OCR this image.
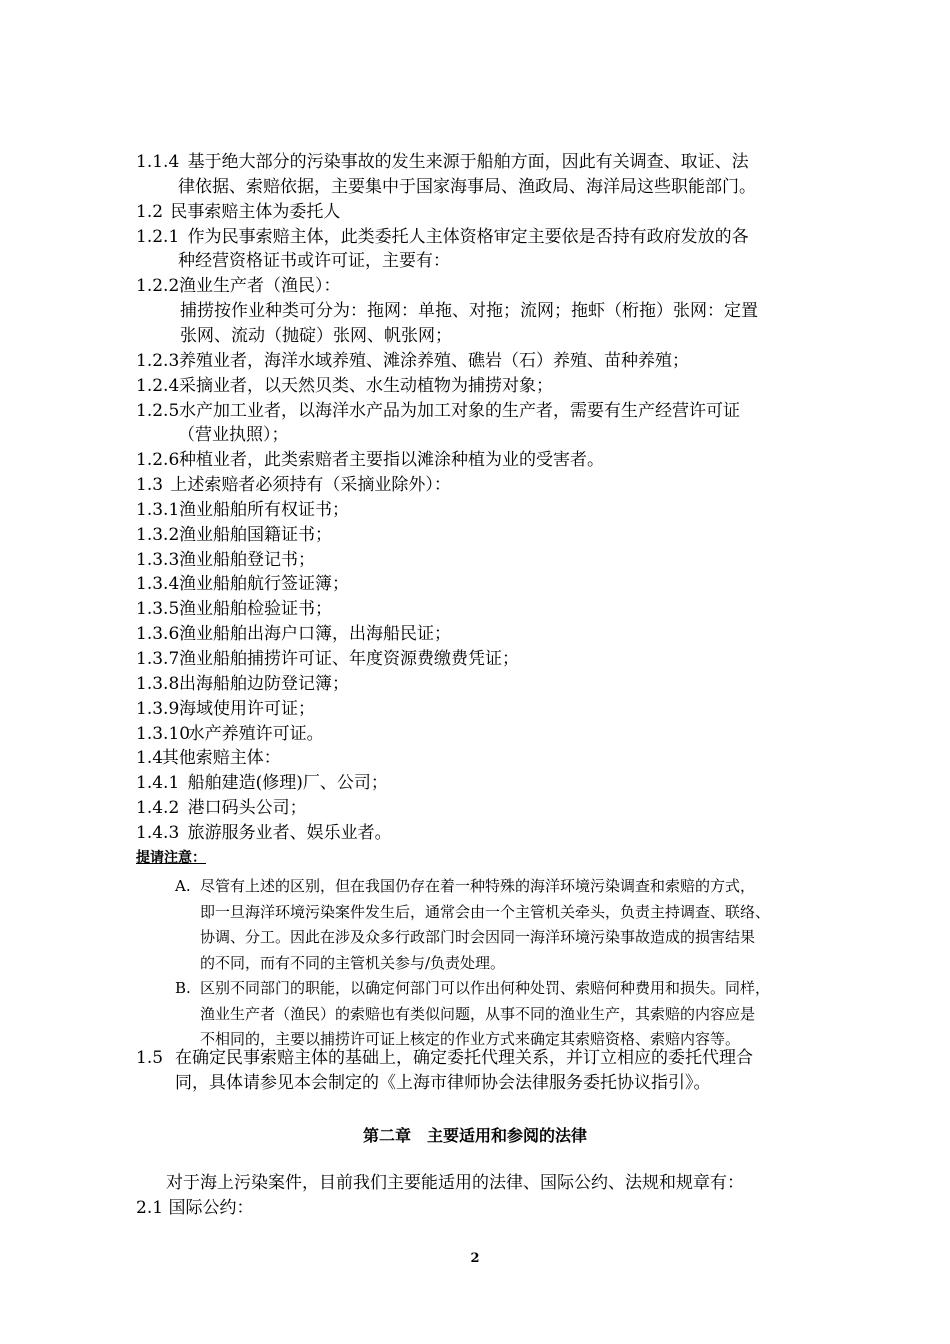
1.1.4 基于绝大部分的污染事故的发生来源于船舶方面，因此有关调查、取证、法
律依据、索赔依据，主要集中于国家海事局、渔政局、海洋局这些职能部门。
1.2 民事索赔主体为委托人
1.2.1 作为民事索赔主体，此类委托人主体资格审定主要依是否持有政府发放的各
种经营资格证书或许可证，主要有：
1.2.2 渔业生产者（渔民）：
捕捞按作业种类可分为：拖网：单拖、对拖；流网；拖虾（桁拖）张网：定置
张网、流动（抛碇）张网、帆张网；
1.2.3 养殖业者，海洋水域养殖、滩涂养殖、礁岩（石）养殖、苗种养殖；
1.2.4 采摘业者，以天然贝类、水生动植物为捕捞对象；
1.2.5 水产加工业者，以海洋水产品为加工对象的生产者，需要有生产经营许可证
（营业执照）；
1.2.6 种植业者，此类索赔者主要指以滩涂种植为业的受害者。
1.3 上述索赔者必须持有（采摘业除外）：
1.3.1 渔业船舶所有权证书；
1.3.2 渔业船舶国籍证书；
1.3.3 渔业船舶登记书；
1.3.4 渔业船舶航行签证簿；
1.3.5 渔业船舶检验证书；
1.3.6 渔业船舶出海户口簿，出海船民证；
1.3.7 渔业船舶捕捞许可证、年度资源费缴费凭证；
1.3.8 出海船舶边防登记簿；
1.3.9 海域使用许可证；
1.3.10
水产养殖许可证。
1.4
其他索赔主体：
1.4.1 船舶建造(修理)厂、公司；
1.4.2 港口码头公司；
1.4.3 旅游服务业者、娱乐业者。
提请注意：
A. 尽管有上述的区别，但在我国仍存在着一种特殊的海洋环境污染调查和索赔的方式，
即一旦海洋环境污染案件发生后，通常会由一个主管机关牵头，负责主持调查、联络、
协调、分工。因此在涉及众多行政部门时会因同一海洋环境污染事故造成的损害结果
的不同，而有不同的主管机关参与/负责处理。
B. 区别不同部门的职能，以确定何部门可以作出何种处罚、索赔何种费用和损失。同样，
渔业生产者（渔民）的索赔也有类似问题，从事不同的渔业生产，其索赔的内容应是
不相同的，主要以捕捞许可证上核定的作业方式来确定其索赔资格、索赔内容等。
1.5 在确定民事索赔主体的基础上，确定委托代理关系，并订立相应的委托代理合
同，具体请参见本会制定的《上海市律师协会法律服务委托协议指引》。
第二章　主要适用和参阅的法律
对于海上污染案件，目前我们主要能适用的法律、国际公约、法规和规章有：
2.1 国际公约：
2
